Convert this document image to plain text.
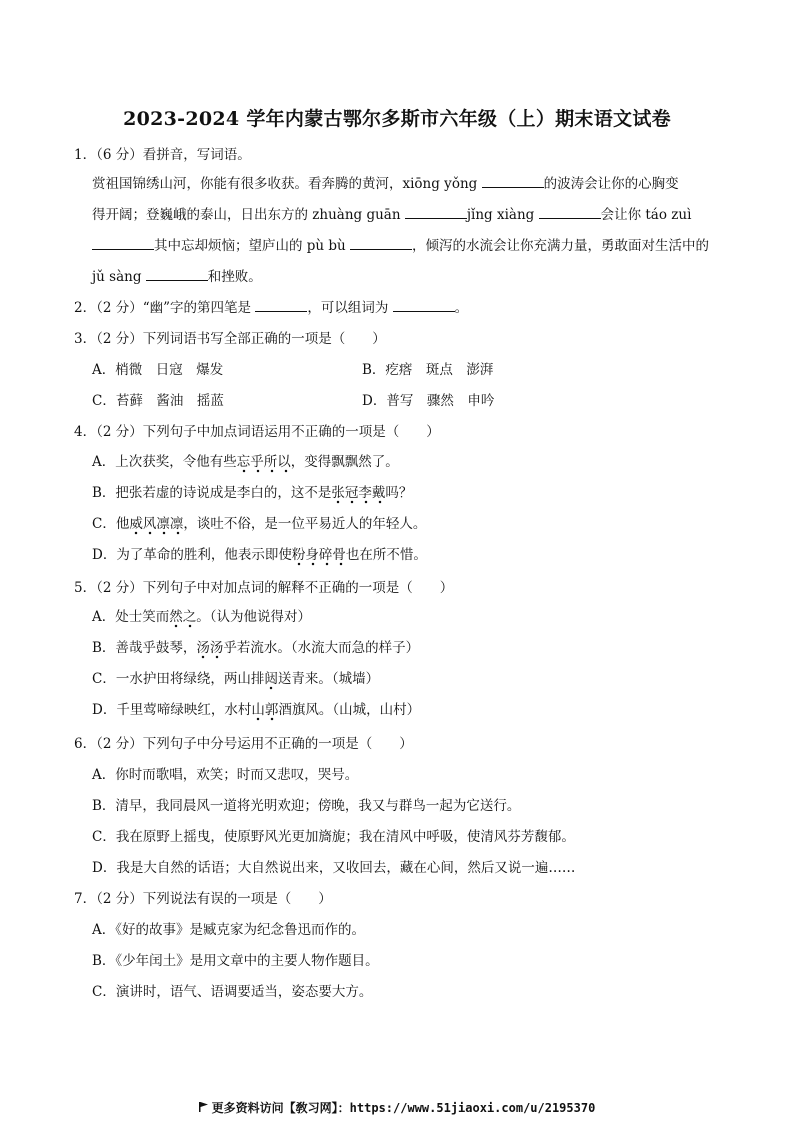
2023-2024 学年内蒙古鄂尔多斯市六年级（上）期末语文试卷
1．（6 分）看拼音，写词语。
赏祖国锦绣山河，你能有很多收获。看奔腾的黄河，xiōng yǒng	的波涛会让你的心胸变
得开阔；登巍峨的泰山，日出东方的 zhuàng guān	jǐng xiàng	会让你 táo zuì
其中忘却烦恼；望庐山的 pù bù	，倾泻的水流会让你充满力量，勇敢面对生活中的
jǔ sàng	和挫败。
2．（2 分）“幽”字的第四笔是	，可以组词为	。
3．（2 分）下列词语书写全部正确的一项是（　　）
A．梢微　日寇　爆发	B．疙瘩　斑点　澎湃
C．苔藓　酱油　摇蓝	D．普写　骤然　申吟
4．（2 分）下列句子中加点词语运用不正确的一项是（　　）
A．上次获奖，令他有些忘乎所以，变得飘飘然了。
B．把张若虚的诗说成是李白的，这不是张冠李戴吗？
C．他威风凛凛，谈吐不俗，是一位平易近人的年轻人。
D．为了革命的胜利，他表示即使粉身碎骨也在所不惜。
5．（2 分）下列句子中对加点词的解释不正确的一项是（　　）
A．处士笑而然之。（认为他说得对）
B．善哉乎鼓琴，汤汤乎若流水。（水流大而急的样子）
C．一水护田将绿绕，两山排闼送青来。（城墙）
D．千里莺啼绿映红，水村山郭酒旗风。（山城，山村）
6．（2 分）下列句子中分号运用不正确的一项是（　　）
A．你时而歌唱，欢笑；时而又悲叹，哭号。
B．清早，我同晨风一道将光明欢迎；傍晚，我又与群鸟一起为它送行。
C．我在原野上摇曳，使原野风光更加旖旎；我在清风中呼吸，使清风芬芳馥郁。
D．我是大自然的话语；大自然说出来，又收回去，藏在心间，然后又说一遍……
7．（2 分）下列说法有误的一项是（　　）
A．《好的故事》是臧克家为纪念鲁迅而作的。
B．《少年闰土》是用文章中的主要人物作题目。
C．演讲时，语气、语调要适当，姿态要大方。
更多资料访问【敎习网】：https://www.51jiaoxi.com/u/2195370
